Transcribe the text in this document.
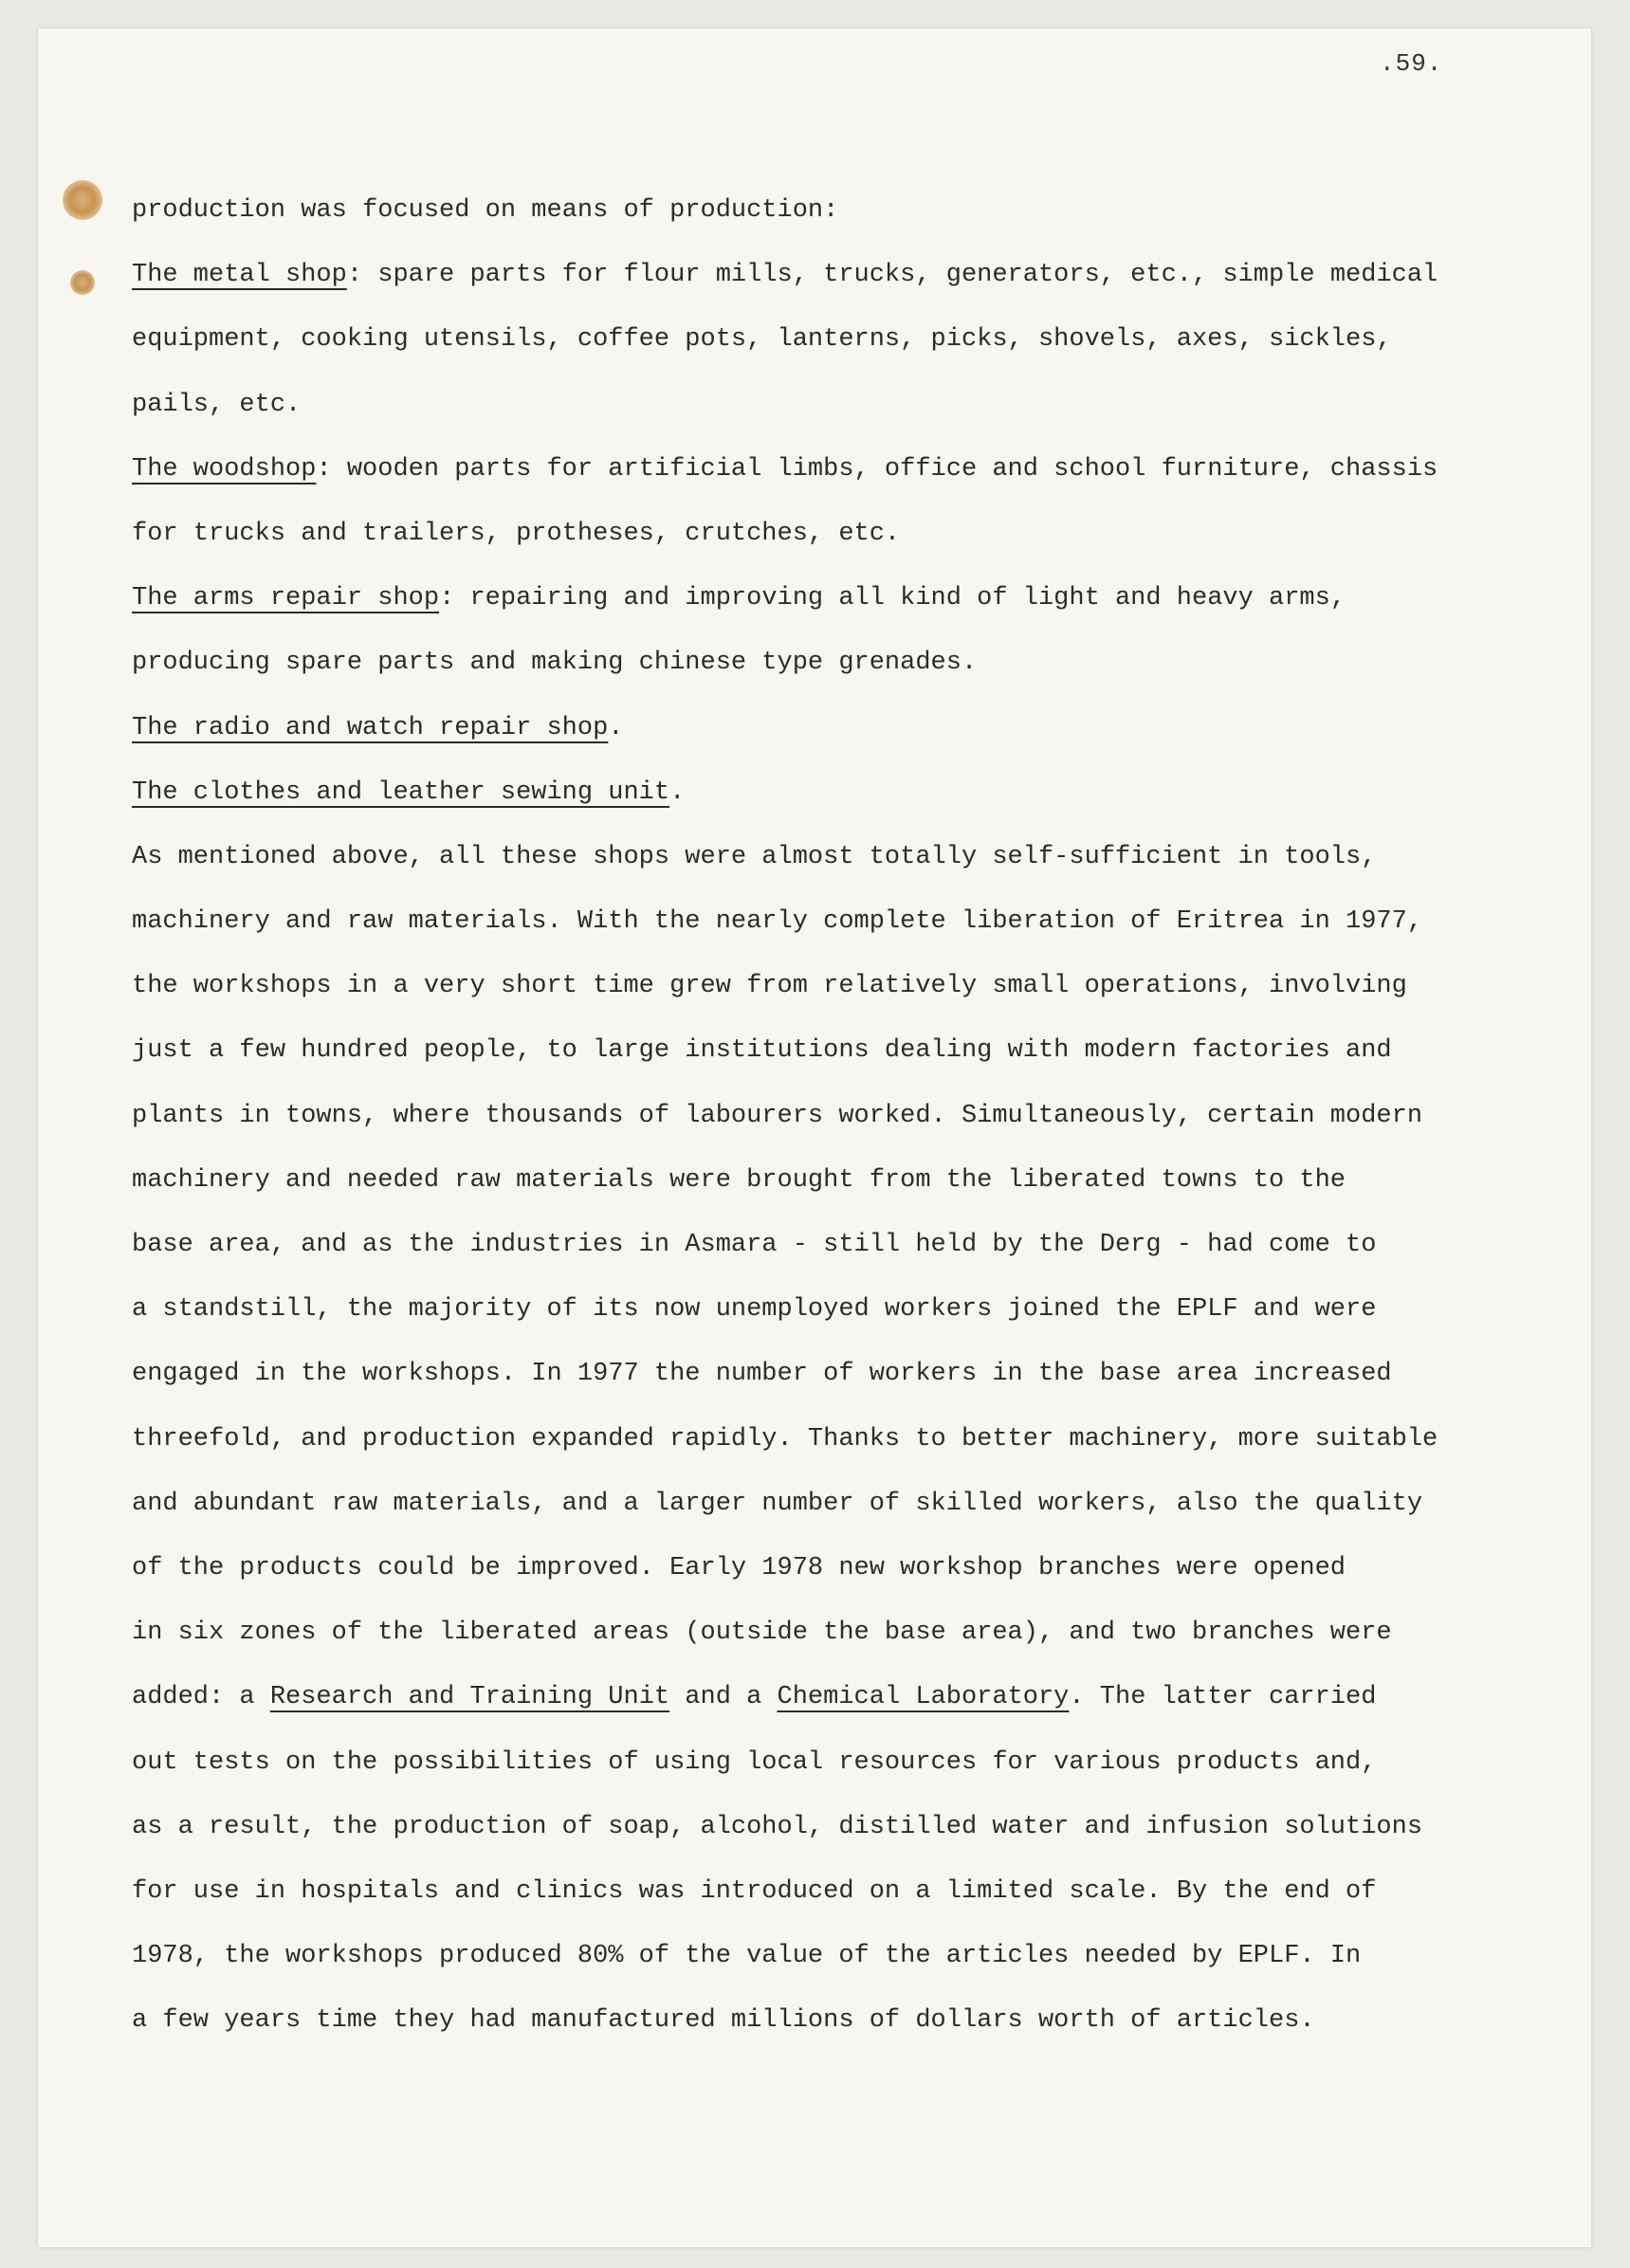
.59.
production was focused on means of production:
The metal shop: spare parts for flour mills, trucks, generators, etc., simple medical
equipment, cooking utensils, coffee pots, lanterns, picks, shovels, axes, sickles,
pails, etc.
The woodshop: wooden parts for artificial limbs, office and school furniture, chassis
for trucks and trailers, protheses, crutches, etc.
The arms repair shop: repairing and improving all kind of light and heavy arms,
producing spare parts and making chinese type grenades.
The radio and watch repair shop.
The clothes and leather sewing unit.
As mentioned above, all these shops were almost totally self-sufficient in tools,
machinery and raw materials. With the nearly complete liberation of Eritrea in 1977,
the workshops in a very short time grew from relatively small operations, involving
just a few hundred people, to large institutions dealing with modern factories and
plants in towns, where thousands of labourers worked. Simultaneously, certain modern
machinery and needed raw materials were brought from the liberated towns to the
base area, and as the industries in Asmara - still held by the Derg - had come to
a standstill, the majority of its now unemployed workers joined the EPLF and were
engaged in the workshops. In 1977 the number of workers in the base area increased
threefold, and production expanded rapidly. Thanks to better machinery, more suitable
and abundant raw materials, and a larger number of skilled workers, also the quality
of the products could be improved. Early 1978 new workshop branches were opened
in six zones of the liberated areas (outside the base area), and two branches were
added: a Research and Training Unit and a Chemical Laboratory. The latter carried
out tests on the possibilities of using local resources for various products and,
as a result, the production of soap, alcohol, distilled water and infusion solutions
for use in hospitals and clinics was introduced on a limited scale. By the end of
1978, the workshops produced 80% of the value of the articles needed by EPLF. In
a few years time they had manufactured millions of dollars worth of articles.
